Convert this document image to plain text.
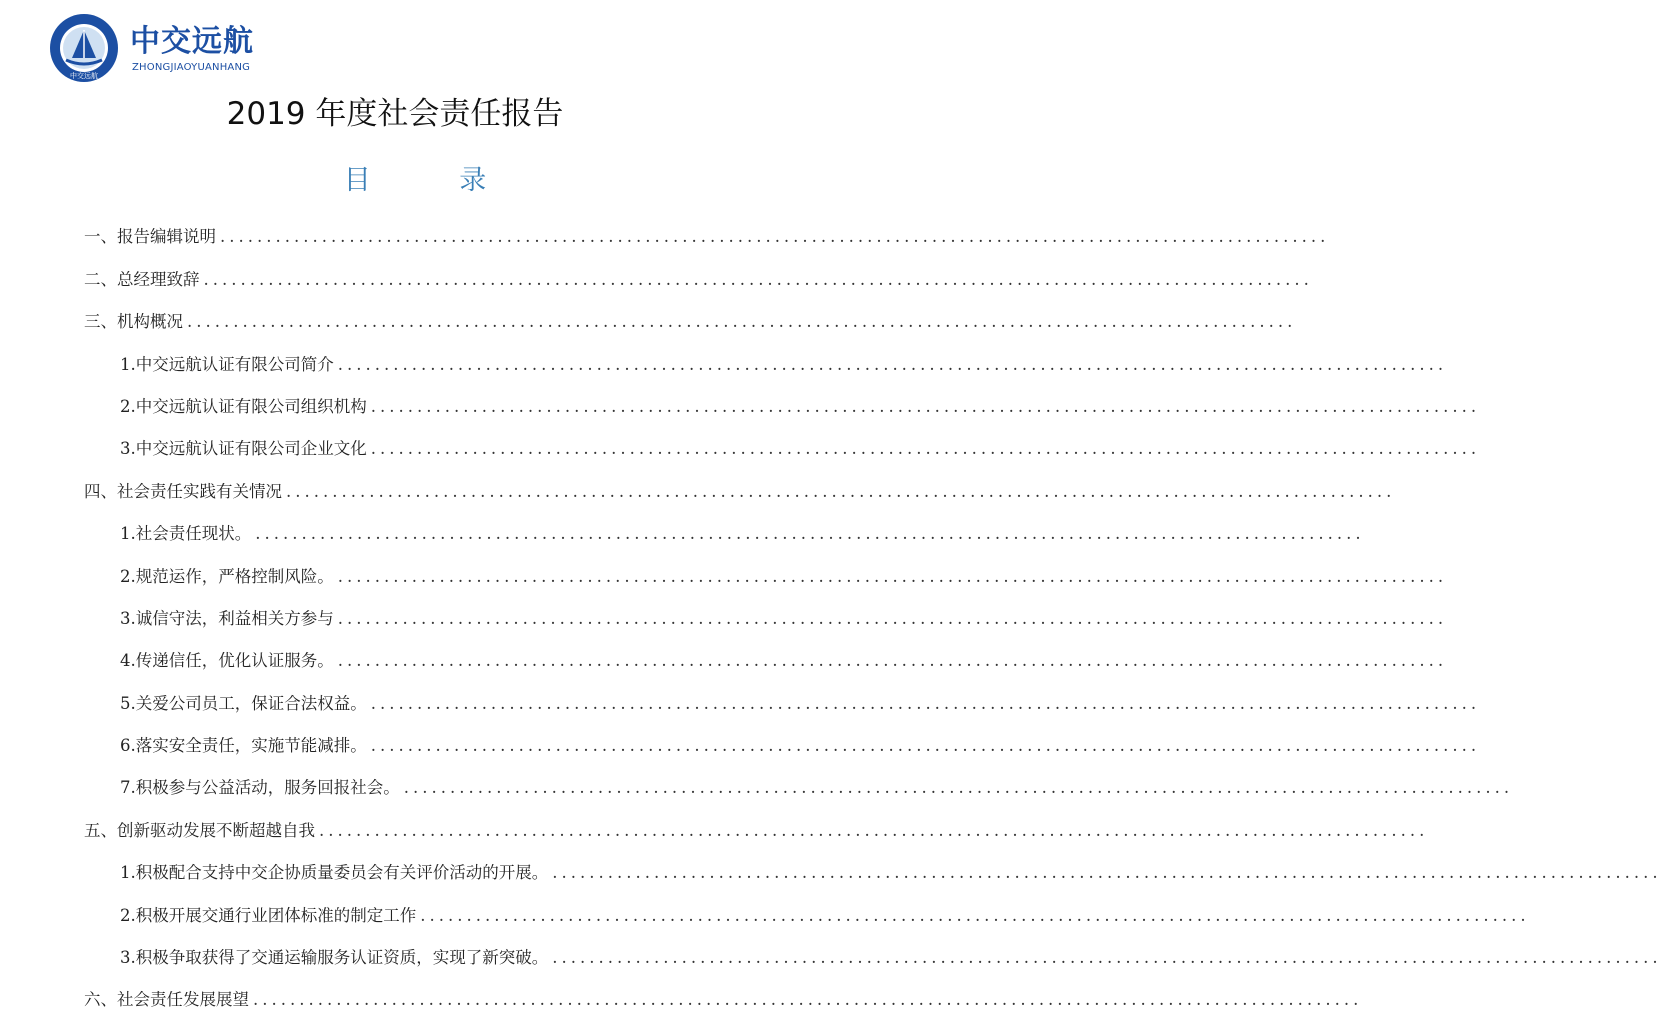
中交远航
中交远航
ZHONGJIAOYUANHANG
2019 年度社会责任报告
目 录
一、报告编辑说明 ........................................................................................................................
二、总经理致辞 ........................................................................................................................
三、机构概况 ........................................................................................................................
1.中交远航认证有限公司简介 ........................................................................................................................
2.中交远航认证有限公司组织机构 ........................................................................................................................
3.中交远航认证有限公司企业文化 ........................................................................................................................
四、社会责任实践有关情况 ........................................................................................................................
1.社会责任现状。 ........................................................................................................................
2.规范运作，严格控制风险。 ........................................................................................................................
3.诚信守法，利益相关方参与 ........................................................................................................................
4.传递信任，优化认证服务。 ........................................................................................................................
5.关爱公司员工，保证合法权益。 ........................................................................................................................
6.落实安全责任，实施节能减排。 ........................................................................................................................
7.积极参与公益活动，服务回报社会。 ........................................................................................................................
五、创新驱动发展不断超越自我 ........................................................................................................................
1.积极配合支持中交企协质量委员会有关评价活动的开展。 ........................................................................................................................
2.积极开展交通行业团体标准的制定工作 ........................................................................................................................
3.积极争取获得了交通运输服务认证资质，实现了新突破。 ........................................................................................................................
六、社会责任发展展望 ........................................................................................................................
